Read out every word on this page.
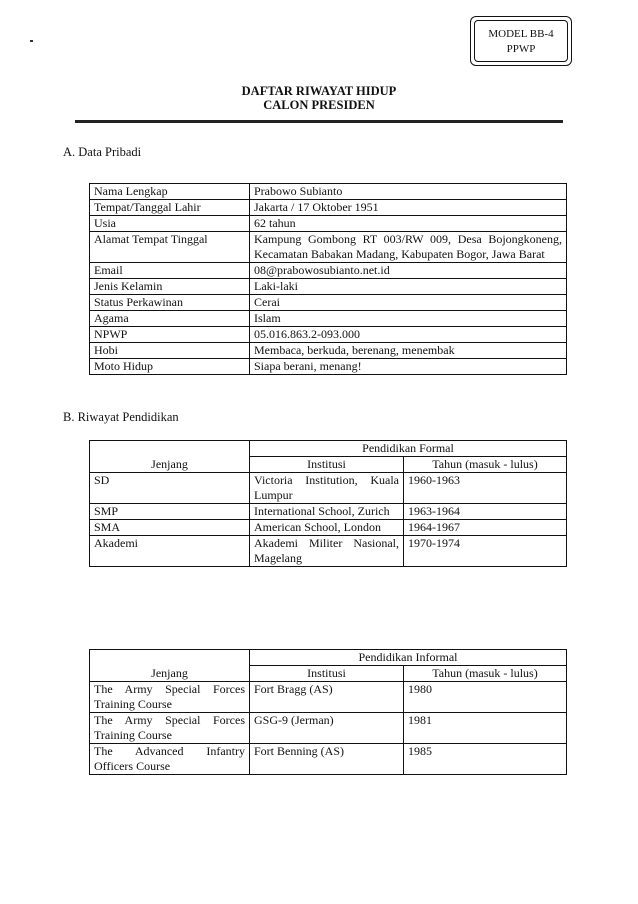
MODEL BB-4
PPWP
DAFTAR RIWAYAT HIDUP
CALON PRESIDEN
A. Data Pribadi
Nama Lengkap	Prabowo Subianto
Tempat/Tanggal Lahir	Jakarta / 17 Oktober 1951
Usia	62 tahun
Alamat Tempat Tinggal	Kampung Gombong RT 003/RW 009, Desa Bojongkoneng, Kecamatan Babakan Madang, Kabupaten Bogor, Jawa Barat
Email	08@prabowosubianto.net.id
Jenis Kelamin	Laki-laki
Status Perkawinan	Cerai
Agama	Islam
NPWP	05.016.863.2-093.000
Hobi	Membaca, berkuda, berenang, menembak
Moto Hidup	Siapa berani, menang!
B. Riwayat Pendidikan
	Pendidikan Formal	
Jenjang	Institusi	Tahun (masuk - lulus)
SD	Victoria Institution, Kuala Lumpur	1960-1963
SMP	International School, Zurich	1963-1964
SMA	American School, London	1964-1967
Akademi	Akademi Militer Nasional, Magelang	1970-1974
	Pendidikan Informal	
Jenjang	Institusi	Tahun (masuk - lulus)
The Army Special Forces Training Course	Fort Bragg (AS)	1980
The Army Special Forces Training Course	GSG-9 (Jerman)	1981
The Advanced Infantry Officers Course	Fort Benning (AS)	1985
